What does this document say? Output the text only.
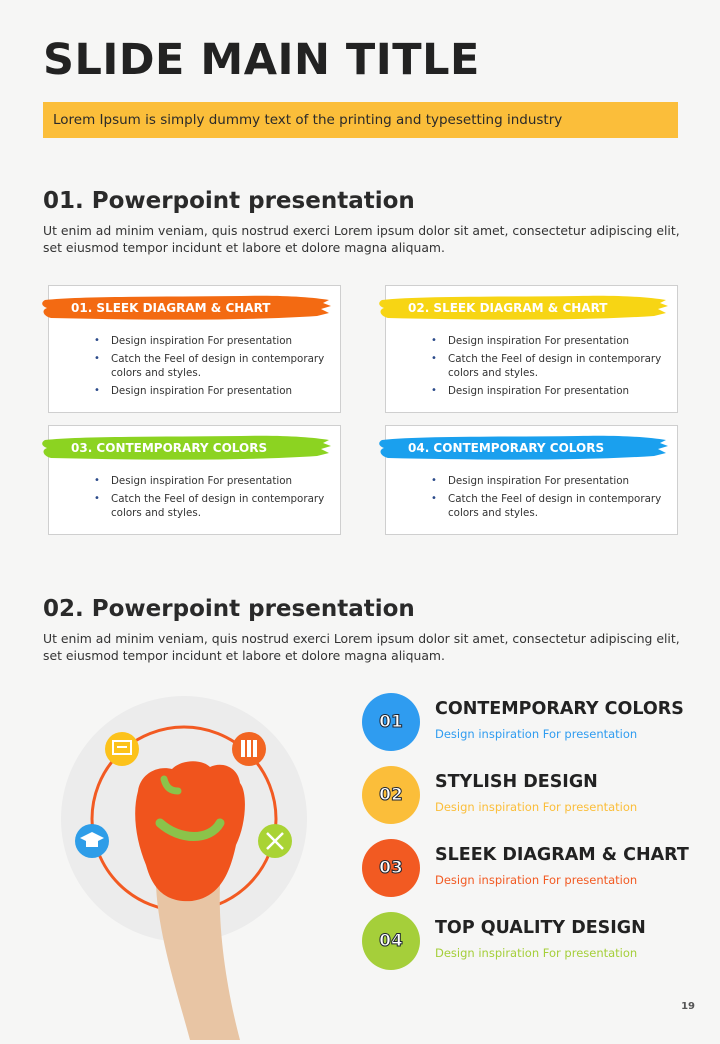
SLIDE MAIN TITLE
Lorem Ipsum is simply dummy text of the printing and typesetting industry
01. Powerpoint presentation

Ut enim ad minim veniam, quis nostrud exerci Lorem ipsum dolor sit amet, consectetur adipiscing elit, set eiusmod tempor incidunt et labore et dolore magna aliquam.

01. SLEEK DIAGRAM & CHART
• Design inspiration For presentation
• Catch the Feel of design in contemporary colors and styles.
• Design inspiration For presentation
02. SLEEK DIAGRAM & CHART
• Design inspiration For presentation
• Catch the Feel of design in contemporary colors and styles.
• Design inspiration For presentation
03. CONTEMPORARY COLORS
• Design inspiration For presentation
• Catch the Feel of design in contemporary colors and styles.
04. CONTEMPORARY COLORS
• Design inspiration For presentation
• Catch the Feel of design in contemporary colors and styles.
02. Powerpoint presentation

Ut enim ad minim veniam, quis nostrud exerci Lorem ipsum dolor sit amet, consectetur adipiscing elit, set eiusmod tempor incidunt et labore et dolore magna aliquam.

01
CONTEMPORARY COLORS
Design inspiration For presentation
02
STYLISH DESIGN
Design inspiration For presentation
03
SLEEK DIAGRAM & CHART
Design inspiration For presentation
04
TOP QUALITY DESIGN
Design inspiration For presentation
19
